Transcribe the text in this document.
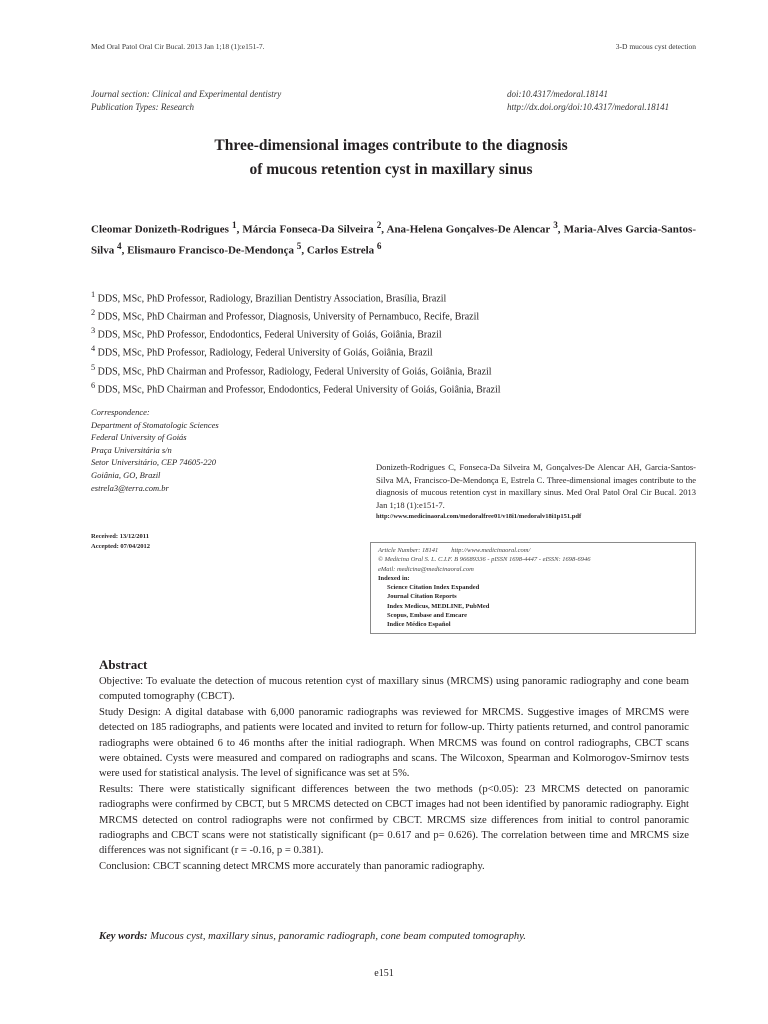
Med Oral Patol Oral Cir Bucal. 2013 Jan 1;18 (1):e151-7.	3-D mucous cyst detection
Journal section: Clinical and Experimental dentistry
Publication Types: Research
doi:10.4317/medoral.18141
http://dx.doi.org/doi:10.4317/medoral.18141
Three-dimensional images contribute to the diagnosis
of mucous retention cyst in maxillary sinus
Cleomar Donizeth-Rodrigues $^1$, Márcia Fonseca-Da Silveira $^2$, Ana-Helena Gonçalves-De Alencar $^3$, Maria-Alves Garcia-Santos-Silva $^4$, Elismauro Francisco-De-Mendonça $^5$, Carlos Estrela $^6$
$^1$ DDS, MSc, PhD Professor, Radiology, Brazilian Dentistry Association, Brasília, Brazil
$^2$ DDS, MSc, PhD Chairman and Professor, Diagnosis, University of Pernambuco, Recife, Brazil
$^3$ DDS, MSc, PhD Professor, Endodontics, Federal University of Goiás, Goiânia, Brazil
$^4$ DDS, MSc, PhD Professor, Radiology, Federal University of Goiás, Goiânia, Brazil
$^5$ DDS, MSc, PhD Chairman and Professor, Radiology, Federal University of Goiás, Goiânia, Brazil
$^6$ DDS, MSc, PhD Chairman and Professor, Endodontics, Federal University of Goiás, Goiânia, Brazil
Correspondence:
Department of Stomatologic Sciences
Federal University of Goiás
Praça Universitária s/n
Setor Universitário, CEP 74605-220
Goiânia, GO, Brazil
estrela3@terra.com.br
Received: 13/12/2011
Accepted: 07/04/2012
Donizeth-Rodrigues C, Fonseca-Da Silveira M, Gonçalves-De Alencar AH, Garcia-Santos-Silva MA, Francisco-De-Mendonça E, Estrela C. Three-dimensional images contribute to the diagnosis of mucous retention cyst in maxillary sinus. Med Oral Patol Oral Cir Bucal. 2013 Jan 1;18 (1):e151-7.
http://www.medicinaoral.com/medoralfree01/v18i1/medoralv18i1p151.pdf
Article Number: 18141 http://www.medicinaoral.com/
© Medicina Oral S. L. C.I.F. B 96689336 - pISSN 1698-4447 - eISSN: 1698-6946
eMail: medicina@medicinaoral.com
Indexed in:
Science Citation Index Expanded
Journal Citation Reports
Index Medicus, MEDLINE, PubMed
Scopus, Embase and Emcare
Indice Médico Español
Abstract

Objective: To evaluate the detection of mucous retention cyst of maxillary sinus (MRCMS) using panoramic radiography and cone beam computed tomography (CBCT).

Study Design: A digital database with 6,000 panoramic radiographs was reviewed for MRCMS. Suggestive images of MRCMS were detected on 185 radiographs, and patients were located and invited to return for follow-up. Thirty patients returned, and control panoramic radiographs were obtained 6 to 46 months after the initial radiograph. When MRCMS was found on control radiographs, CBCT scans were obtained. Cysts were measured and compared on radiographs and scans. The Wilcoxon, Spearman and Kolmorogov-Smirnov tests were used for statistical analysis. The level of significance was set at 5%.

Results: There were statistically significant differences between the two methods (p<0.05): 23 MRCMS detected on panoramic radiographs were confirmed by CBCT, but 5 MRCMS detected on CBCT images had not been identified by panoramic radiography. Eight MRCMS detected on control radiographs were not confirmed by CBCT. MRCMS size differences from initial to control panoramic radiographs and CBCT scans were not statistically significant (p= 0.617 and p= 0.626). The correlation between time and MRCMS size differences was not significant (r = -0.16, p = 0.381).

Conclusion: CBCT scanning detect MRCMS more accurately than panoramic radiography.

Key words: Mucous cyst, maxillary sinus, panoramic radiograph, cone beam computed tomography.
e151
